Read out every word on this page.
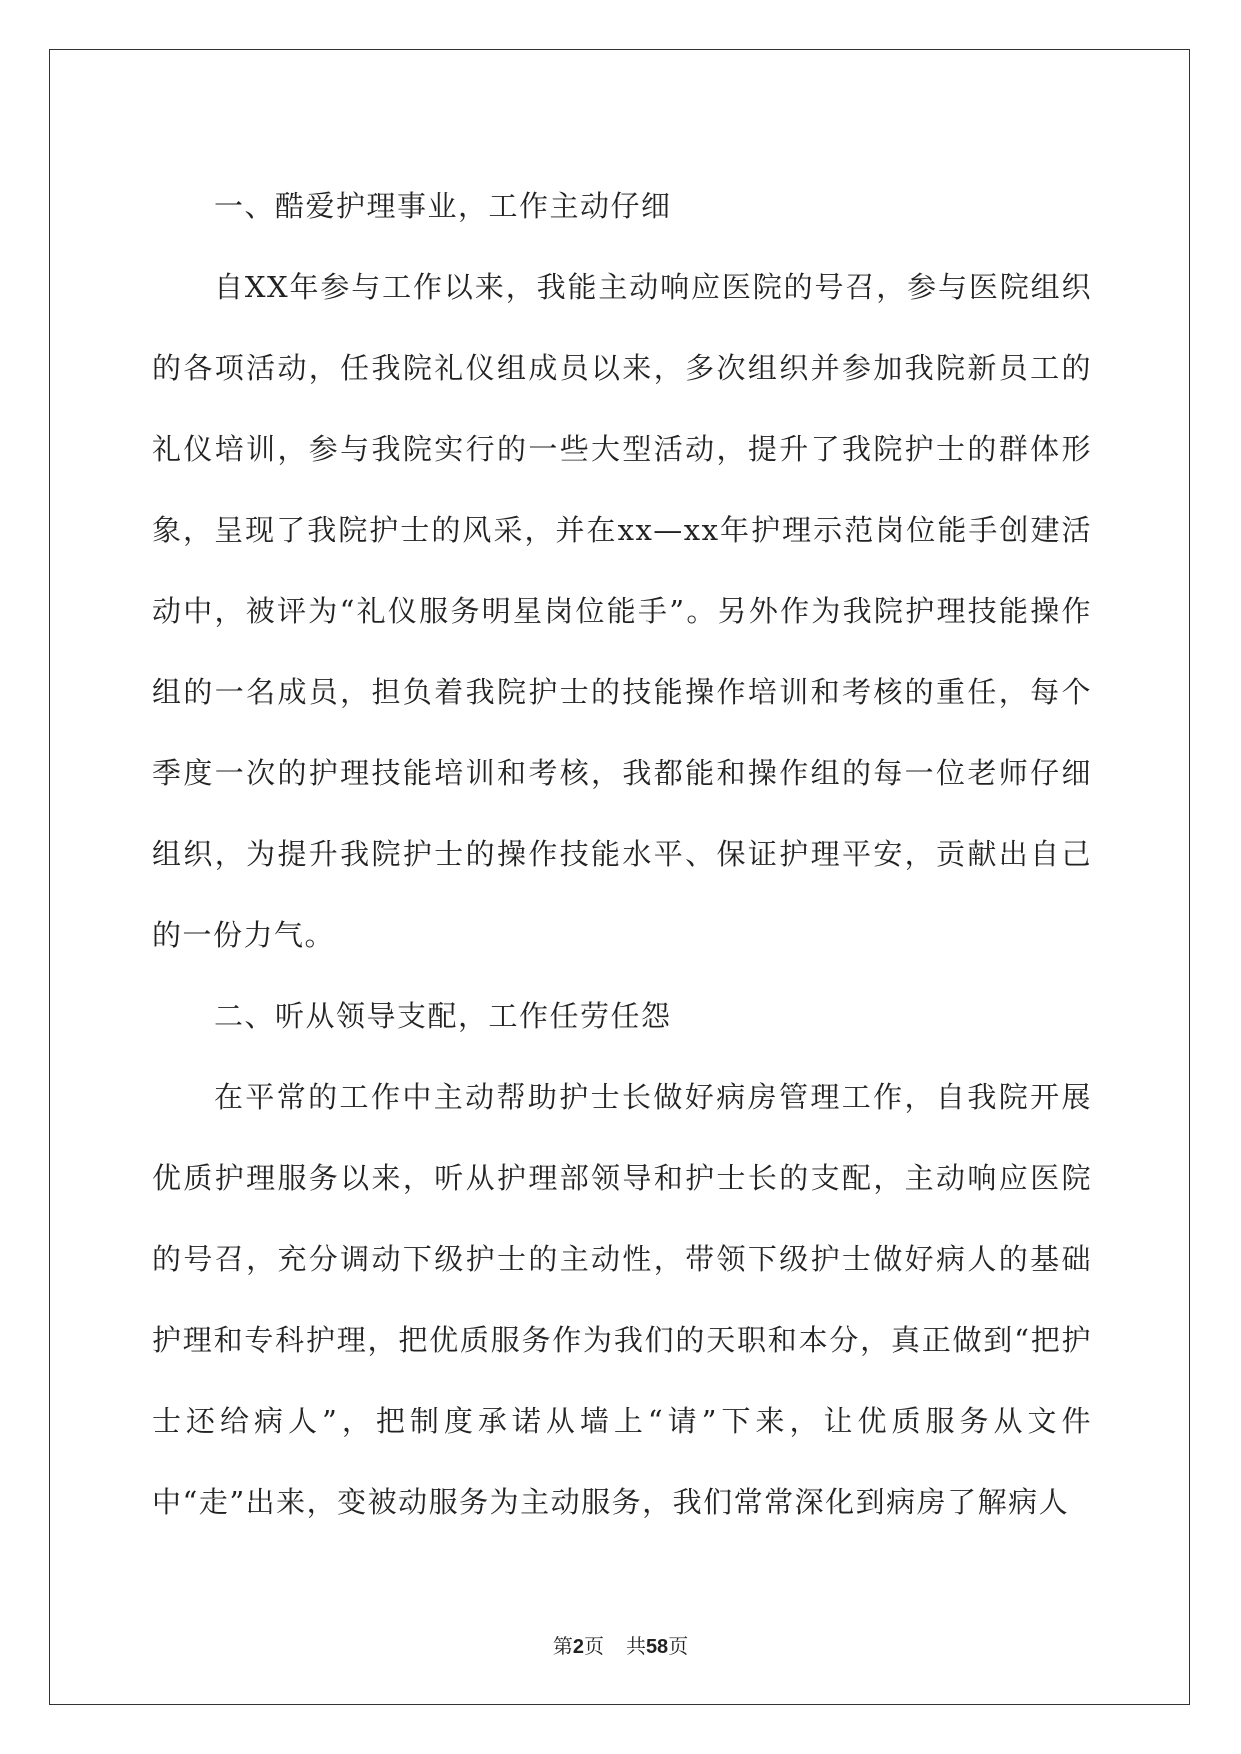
一、酷爱护理事业，工作主动仔细

自XX年参与工作以来，我能主动响应医院的号召，参与医院组织的各项活动，任我院礼仪组成员以来，多次组织并参加我院新员工的礼仪培训，参与我院实行的一些大型活动，提升了我院护士的群体形象，呈现了我院护士的风采，并在xx—xx年护理示范岗位能手创建活动中，被评为“礼仪服务明星岗位能手”。另外作为我院护理技能操作组的一名成员，担负着我院护士的技能操作培训和考核的重任，每个季度一次的护理技能培训和考核，我都能和操作组的每一位老师仔细组织，为提升我院护士的操作技能水平、保证护理平安，贡献出自己的一份力气。

二、听从领导支配，工作任劳任怨

在平常的工作中主动帮助护士长做好病房管理工作，自我院开展优质护理服务以来，听从护理部领导和护士长的支配，主动响应医院的号召，充分调动下级护士的主动性，带领下级护士做好病人的基础护理和专科护理，把优质服务作为我们的天职和本分，真正做到“把护士还给病人”，把制度承诺从墙上“请”下来，让优质服务从文件中“走”出来，变被动服务为主动服务，我们常常深化到病房了解病人

第2页 共58页
